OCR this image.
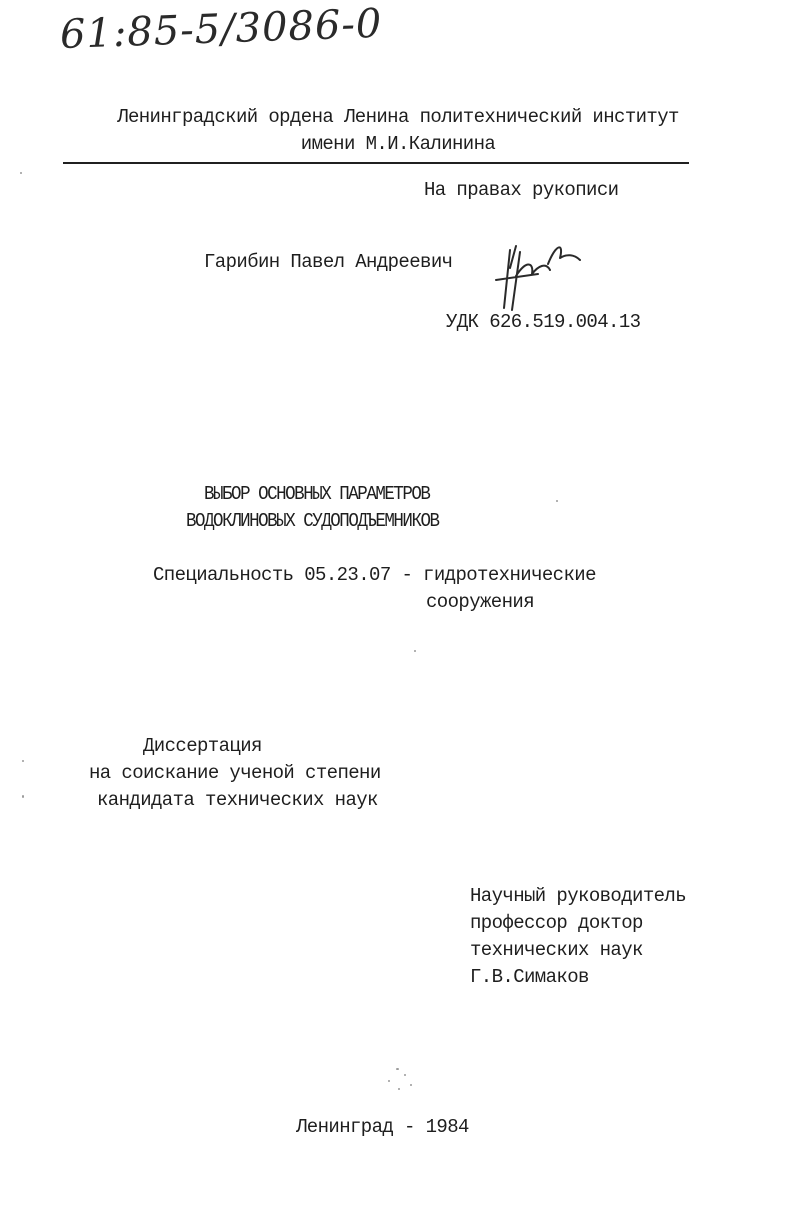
61:85-5/3086-0
Ленинградский ордена Ленина политехнический институт
имени М.И.Калинина
На правах рукописи
Гарибин Павел Андреевич
УДК 626.519.004.13
ВЫБОР ОСНОВНЫХ ПАРАМЕТРОВ
ВОДОКЛИНОВЫХ СУДОПОДЪЕМНИКОВ
Специальность 05.23.07 - гидротехнические
сооружения
Диссертация
на соискание ученой степени
кандидата технических наук
Научный руководитель
профессор доктор
технических наук
Г.В.Симаков
Ленинград - 1984
